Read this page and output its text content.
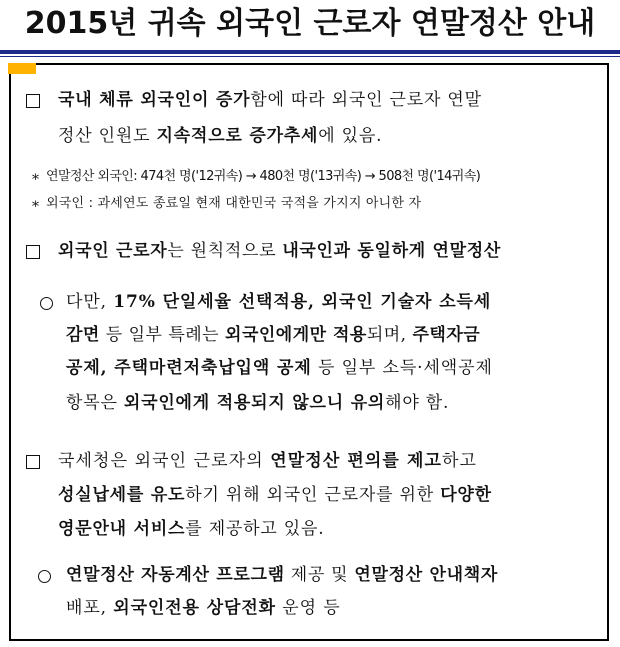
2015년 귀속 외국인 근로자 연말정산 안내
국내 체류 외국인이 증가함에 따라 외국인 근로자 연말
정산 인원도 지속적으로 증가추세에 있음.
* 연말정산 외국인: 474천 명('12귀속) → 480천 명('13귀속) → 508천 명('14귀속)
* 외국인 : 과세연도 종료일 현재 대한민국 국적을 가지지 아니한 자
외국인 근로자는 원칙적으로 내국인과 동일하게 연말정산
다만, 17% 단일세율 선택적용, 외국인 기술자 소득세
감면 등 일부 특례는 외국인에게만 적용되며, 주택자금
공제, 주택마련저축납입액 공제 등 일부 소득·세액공제
항목은 외국인에게 적용되지 않으니 유의해야 함.
국세청은 외국인 근로자의 연말정산 편의를 제고하고
성실납세를 유도하기 위해 외국인 근로자를 위한 다양한
영문안내 서비스를 제공하고 있음.
연말정산 자동계산 프로그램 제공 및 연말정산 안내책자
배포, 외국인전용 상담전화 운영 등
